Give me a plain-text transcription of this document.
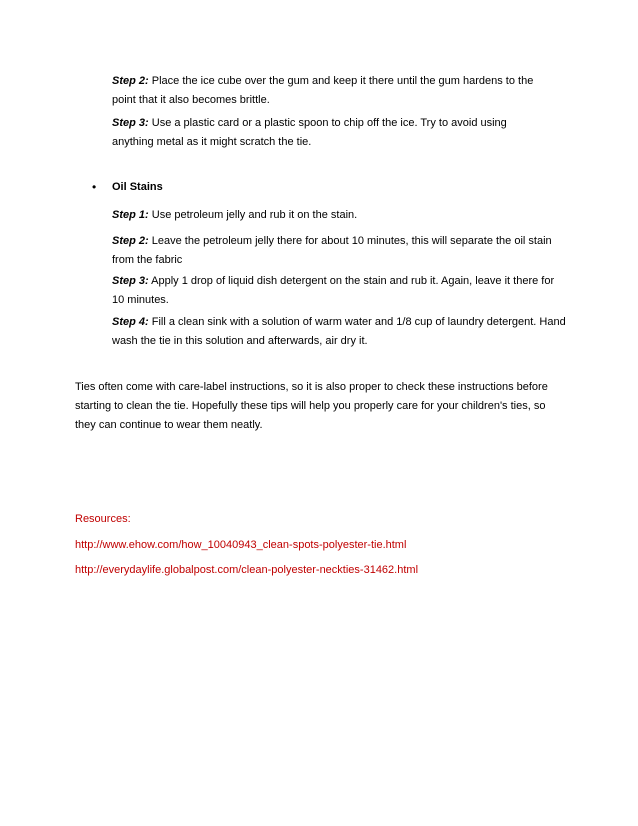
Step 2: Place the ice cube over the gum and keep it there until the gum hardens to the point that it also becomes brittle.

Step 3: Use a plastic card or a plastic spoon to chip off the ice. Try to avoid using anything metal as it might scratch the tie.

• Oil Stains

Step 1: Use petroleum jelly and rub it on the stain.

Step 2: Leave the petroleum jelly there for about 10 minutes, this will separate the oil stain from the fabric

Step 3: Apply 1 drop of liquid dish detergent on the stain and rub it. Again, leave it there for 10 minutes.

Step 4: Fill a clean sink with a solution of warm water and 1/8 cup of laundry detergent. Hand wash the tie in this solution and afterwards, air dry it.

Ties often come with care-label instructions, so it is also proper to check these instructions before starting to clean the tie. Hopefully these tips will help you properly care for your children's ties, so they can continue to wear them neatly.

Resources:

http://www.ehow.com/how_10040943_clean-spots-polyester-tie.html

http://everydaylife.globalpost.com/clean-polyester-neckties-31462.html
